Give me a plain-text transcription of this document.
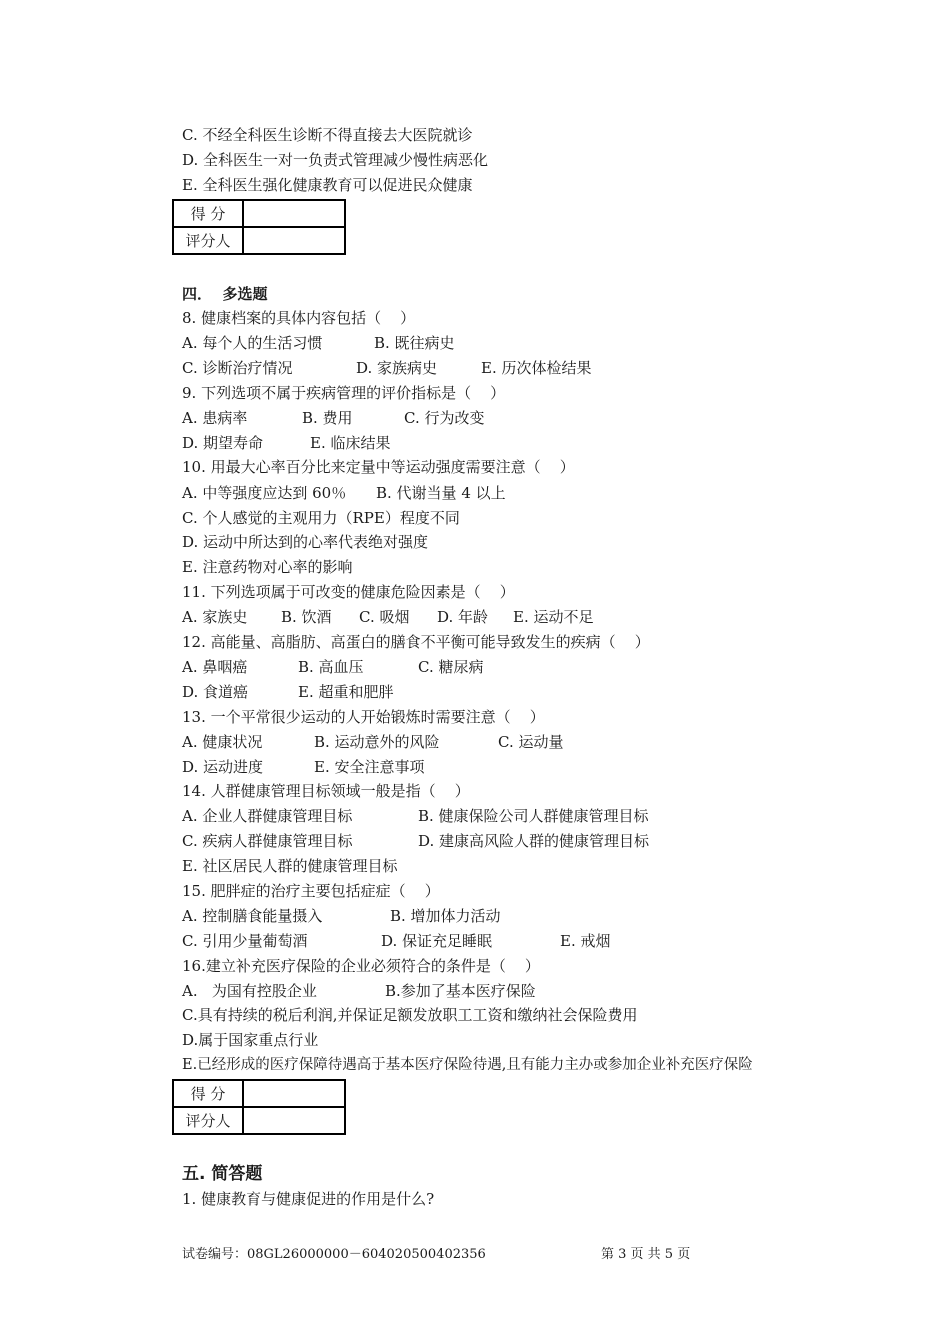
C. 不经全科医生诊断不得直接去大医院就诊
D. 全科医生一对一负责式管理减少慢性病恶化
E. 全科医生强化健康教育可以促进民众健康
得 分	
评分人	
四．  多选题
8. 健康档案的具体内容包括（    ）

A. 每个人的生活习惯

	B. 既往病史

C. 诊断治疗情况

	D. 家族病史

	E. 历次体检结果

9. 下列选项不属于疾病管理的评价指标是（    ）

A. 患病率

	B. 费用

	C. 行为改变

D. 期望寿命

	E. 临床结果

10. 用最大心率百分比来定量中等运动强度需要注意（    ）

A. 中等强度应达到 60％

B. 代谢当量 4 以上

C. 个人感觉的主观用力（RPE）程度不同
D. 运动中所达到的心率代表绝对强度
E. 注意药物对心率的影响
11. 下列选项属于可改变的健康危险因素是（    ）

A. 家族史

B. 饮酒

C. 吸烟

D. 年龄

E. 运动不足

12. 高能量、高脂肪、高蛋白的膳食不平衡可能导致发生的疾病（    ）

A. 鼻咽癌

	B. 高血压

	C. 糖尿病

D. 食道癌

	E. 超重和肥胖

13. 一个平常很少运动的人开始锻炼时需要注意（    ）

A. 健康状况

	B. 运动意外的风险

	C. 运动量

D. 运动进度

	E. 安全注意事项

14. 人群健康管理目标领域一般是指（    ）

A. 企业人群健康管理目标

	B. 健康保险公司人群健康管理目标

C. 疾病人群健康管理目标

	D. 建康高风险人群的健康管理目标

E. 社区居民人群的健康管理目标
15. 肥胖症的治疗主要包括症症（    ）

A. 控制膳食能量摄入

	B. 增加体力活动

C. 引用少量葡萄酒

	D. 保证充足睡眠

	E. 戒烟

16.建立补充医疗保险的企业必须符合的条件是（    ）

A.   为国有控股企业

	B.参加了基本医疗保险

C.具有持续的税后利润,并保证足额发放职工工资和缴纳社会保险费用
D.属于国家重点行业
E.已经形成的医疗保障待遇高于基本医疗保险待遇,且有能力主办或参加企业补充医疗保险
得 分	
评分人	
五. 简答题
1. 健康教育与健康促进的作用是什么?
试卷编号：08GL26000000－604020500402356	第 3 页 共 5 页
